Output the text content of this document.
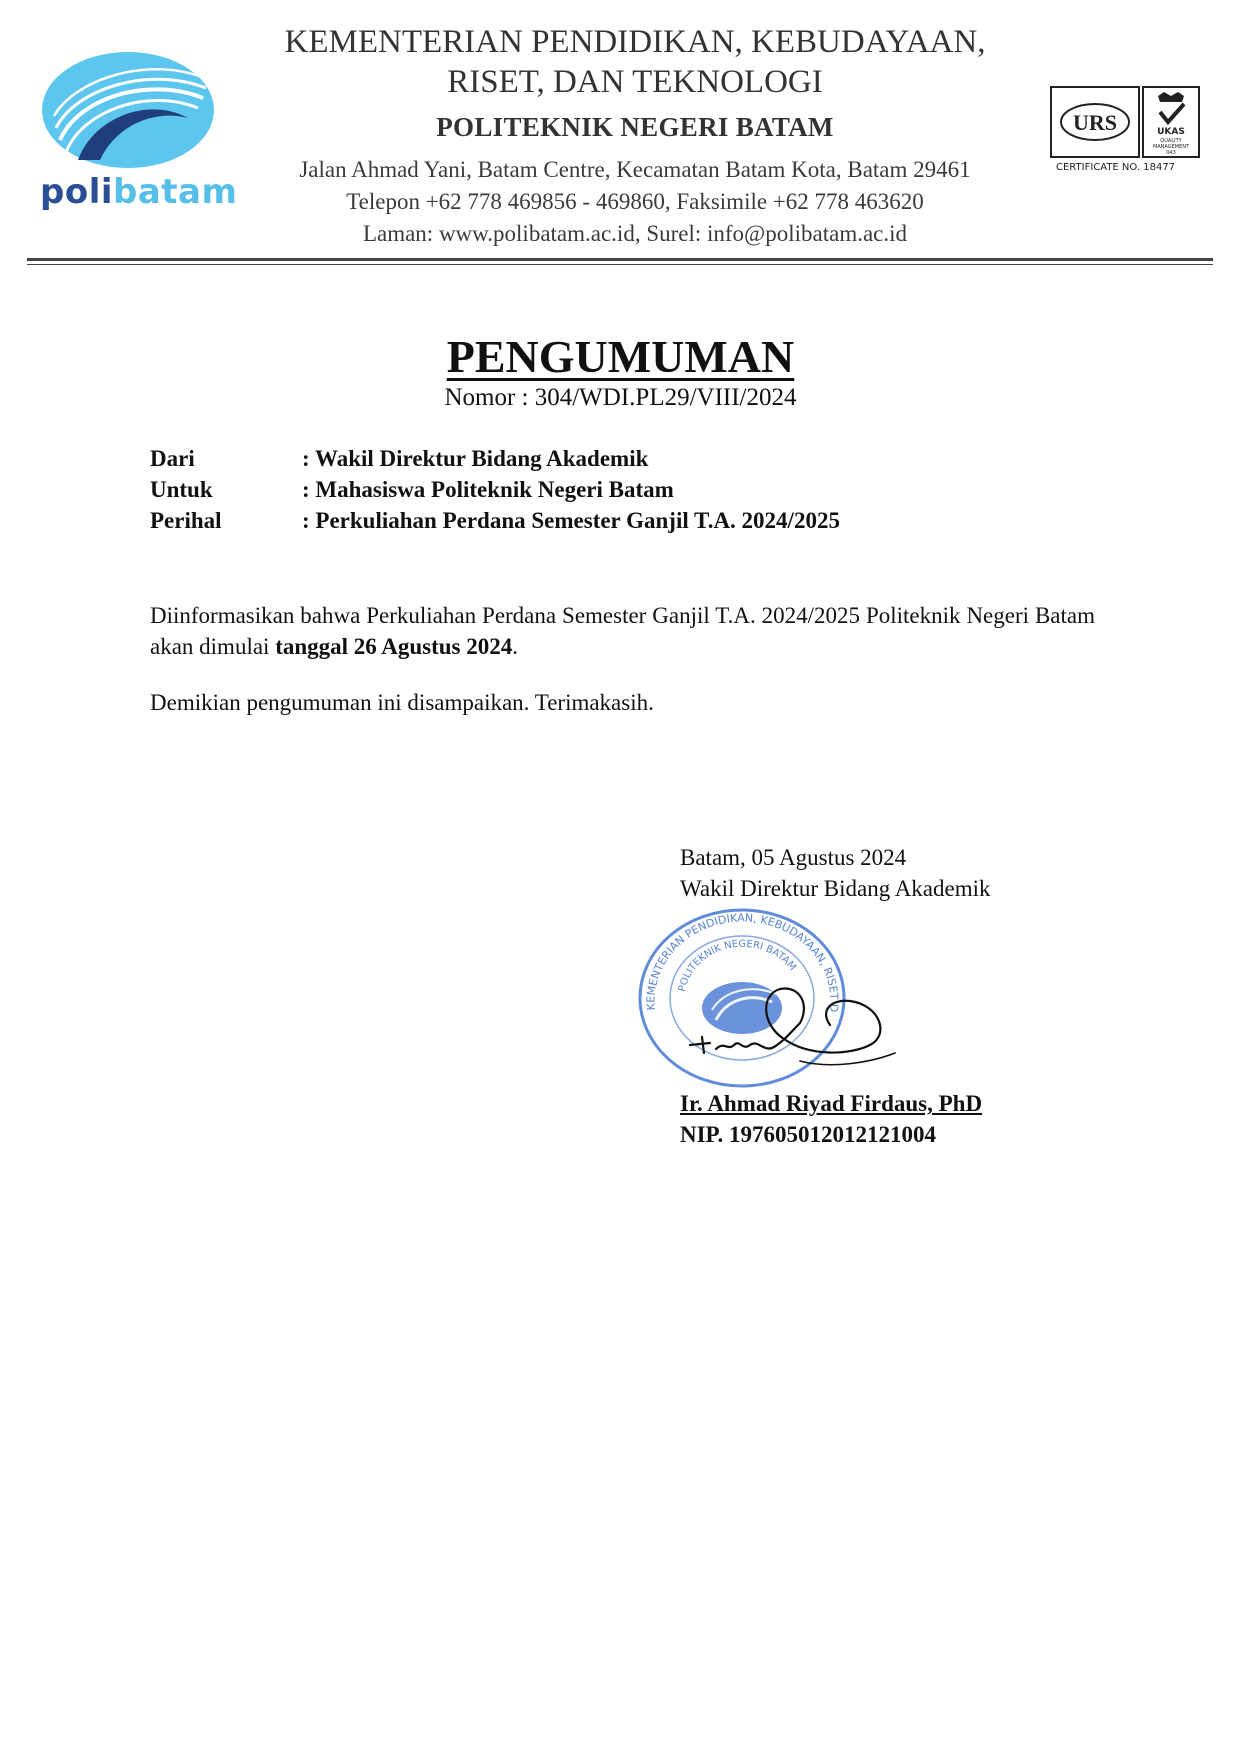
polibatam
KEMENTERIAN PENDIDIKAN, KEBUDAYAAN,
RISET, DAN TEKNOLOGI
POLITEKNIK NEGERI BATAM
Jalan Ahmad Yani, Batam Centre, Kecamatan Batam Kota, Batam 29461
Telepon +62 778 469856 - 469860, Faksimile +62 778 463620
Laman: www.polibatam.ac.id, Surel: info@polibatam.ac.id
URS	UKAS
QUALITY
MANAGEMENT
043
CERTIFICATE NO. 18477
PENGUMUMAN
Nomor : 304/WDI.PL29/VIII/2024
Dari	: Wakil Direktur Bidang Akademik
Untuk	: Mahasiswa Politeknik Negeri Batam
Perihal	: Perkuliahan Perdana Semester Ganjil T.A. 2024/2025
Diinformasikan bahwa Perkuliahan Perdana Semester Ganjil T.A. 2024/2025 Politeknik Negeri Batam akan dimulai tanggal 26 Agustus 2024.
Demikian pengumuman ini disampaikan. Terimakasih.
Batam, 05 Agustus 2024
Wakil Direktur Bidang Akademik
KEMENTERIAN PENDIDIKAN, KEBUDAYAAN, RISET D
POLITEKNIK NEGERI BATAM
Ir. Ahmad Riyad Firdaus, PhD
NIP. 197605012012121004
